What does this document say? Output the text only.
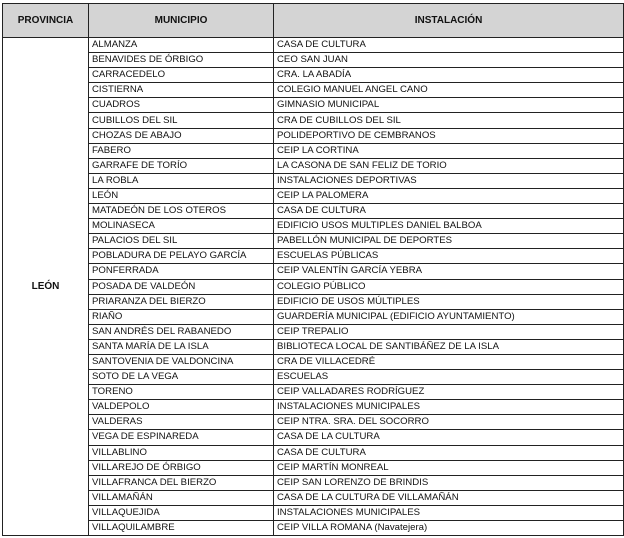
PROVINCIA	MUNICIPIO	INSTALACIÓN
LEÓN	ALMANZA	CASA DE CULTURA
	BENAVIDES DE ÓRBIGO	CEO SAN JUAN
	CARRACEDELO	CRA. LA ABADÍA
	CISTIERNA	COLEGIO MANUEL ANGEL CANO
	CUADROS	GIMNASIO MUNICIPAL
	CUBILLOS DEL SIL	CRA DE CUBILLOS DEL SIL
	CHOZAS DE ABAJO	POLIDEPORTIVO DE CEMBRANOS
	FABERO	CEIP LA CORTINA
	GARRAFE DE TORÍO	LA CASONA DE SAN FELIZ DE TORIO
	LA ROBLA	INSTALACIONES DEPORTIVAS
	LEÓN	CEIP LA PALOMERA
	MATADEÓN DE LOS OTEROS	CASA DE CULTURA
	MOLINASECA	EDIFICIO USOS MULTIPLES DANIEL BALBOA
	PALACIOS DEL SIL	PABELLÓN MUNICIPAL DE DEPORTES
	POBLADURA DE PELAYO GARCÍA	ESCUELAS PÚBLICAS
	PONFERRADA	CEIP VALENTÍN GARCÍA YEBRA
	POSADA DE VALDEÓN	COLEGIO PÚBLICO
	PRIARANZA DEL BIERZO	EDIFICIO DE USOS MÚLTIPLES
	RIAÑO	GUARDERÍA MUNICIPAL (EDIFICIO AYUNTAMIENTO)
	SAN ANDRÉS DEL RABANEDO	CEIP TREPALIO
	SANTA MARÍA DE LA ISLA	BIBLIOTECA LOCAL DE SANTIBÁÑEZ DE LA ISLA
	SANTOVENIA DE VALDONCINA	CRA DE VILLACEDRÉ
	SOTO DE LA VEGA	ESCUELAS
	TORENO	CEIP VALLADARES RODRÍGUEZ
	VALDEPOLO	INSTALACIONES MUNICIPALES
	VALDERAS	CEIP NTRA. SRA. DEL SOCORRO
	VEGA DE ESPINAREDA	CASA DE LA CULTURA
	VILLABLINO	CASA DE CULTURA
	VILLAREJO DE ÓRBIGO	CEIP MARTÍN MONREAL
	VILLAFRANCA DEL BIERZO	CEIP SAN LORENZO DE BRINDIS
	VILLAMAÑÁN	CASA DE LA CULTURA DE VILLAMAÑÁN
	VILLAQUEJIDA	INSTALACIONES MUNICIPALES
	VILLAQUILAMBRE	CEIP VILLA ROMANA (Navatejera)
